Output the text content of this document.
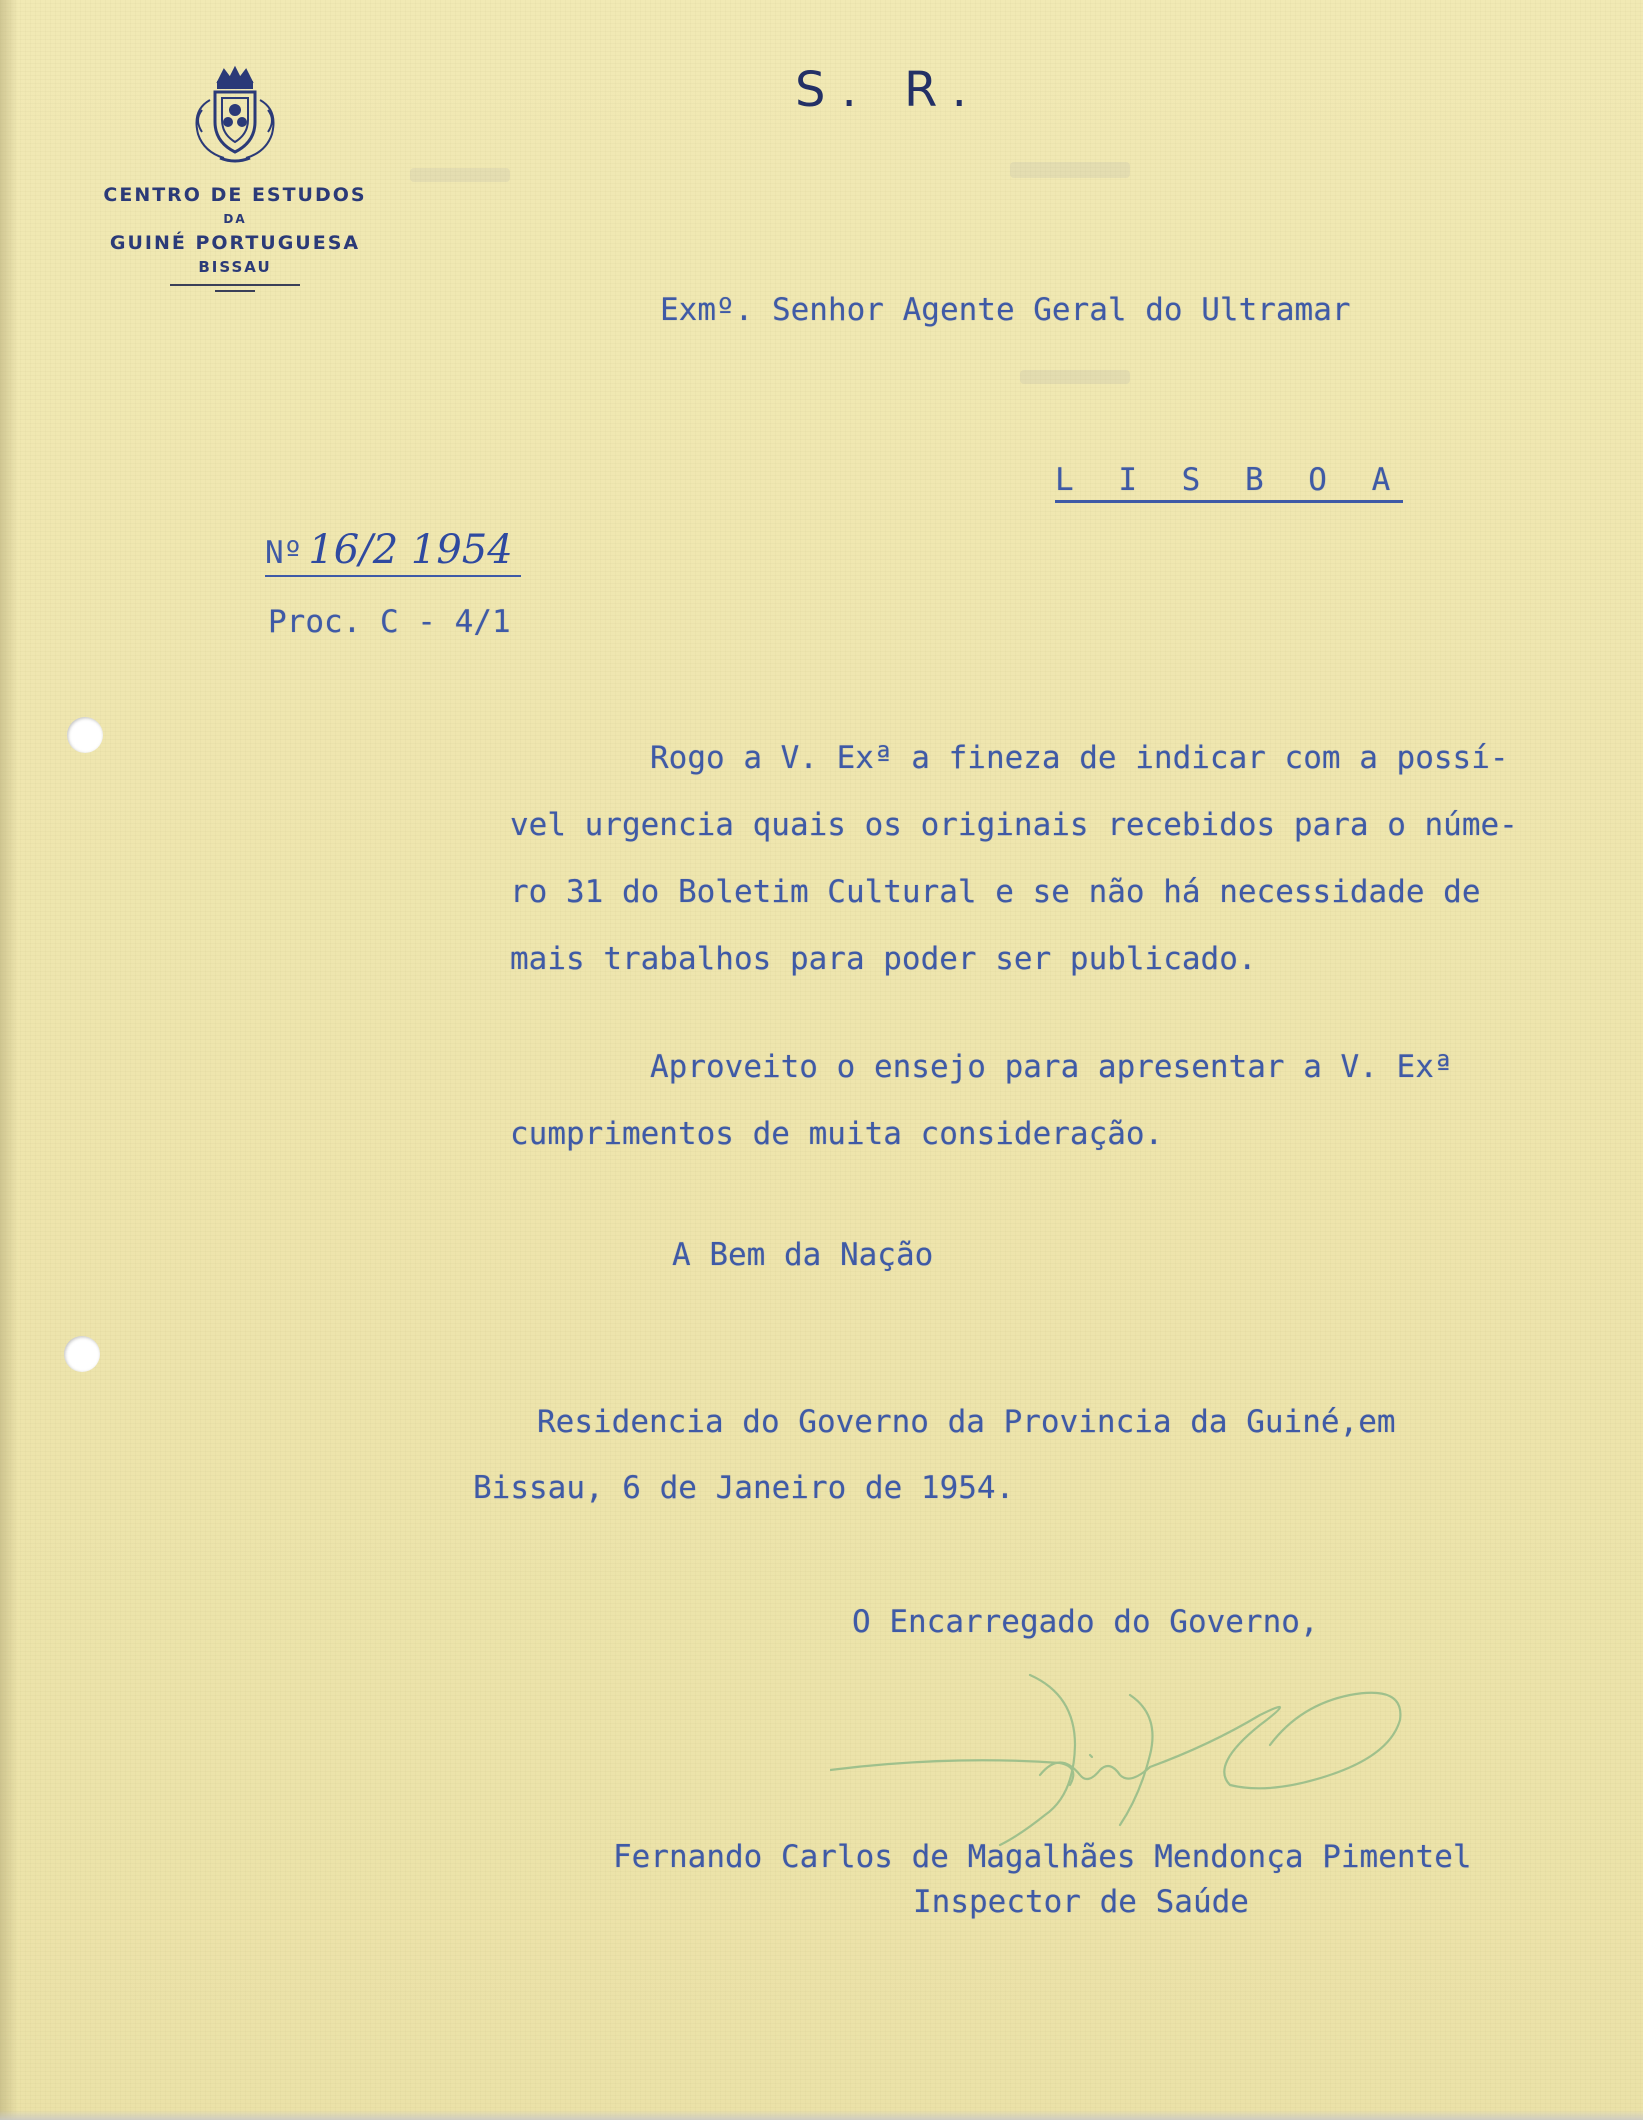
CENTRO DE ESTUDOS
DA
GUINÉ PORTUGUESA
BISSAU
S. R.
Exmº. Senhor Agente Geral do Ultramar
L I S B O A
Nº 16/2 1954
Proc. C - 4/1
Rogo a V. Exª a fineza de indicar com a possí-
vel urgencia quais os originais recebidos para o núme-
ro 31 do Boletim Cultural e se não há necessidade de
mais trabalhos para poder ser publicado.
Aproveito o ensejo para apresentar a V. Exª
cumprimentos de muita consideração.
A Bem da Nação
Residencia do Governo da Provincia da Guiné,em
Bissau, 6 de Janeiro de 1954.
O Encarregado do Governo,
Fernando Carlos de Magalhães Mendonça Pimentel
Inspector de Saúde
